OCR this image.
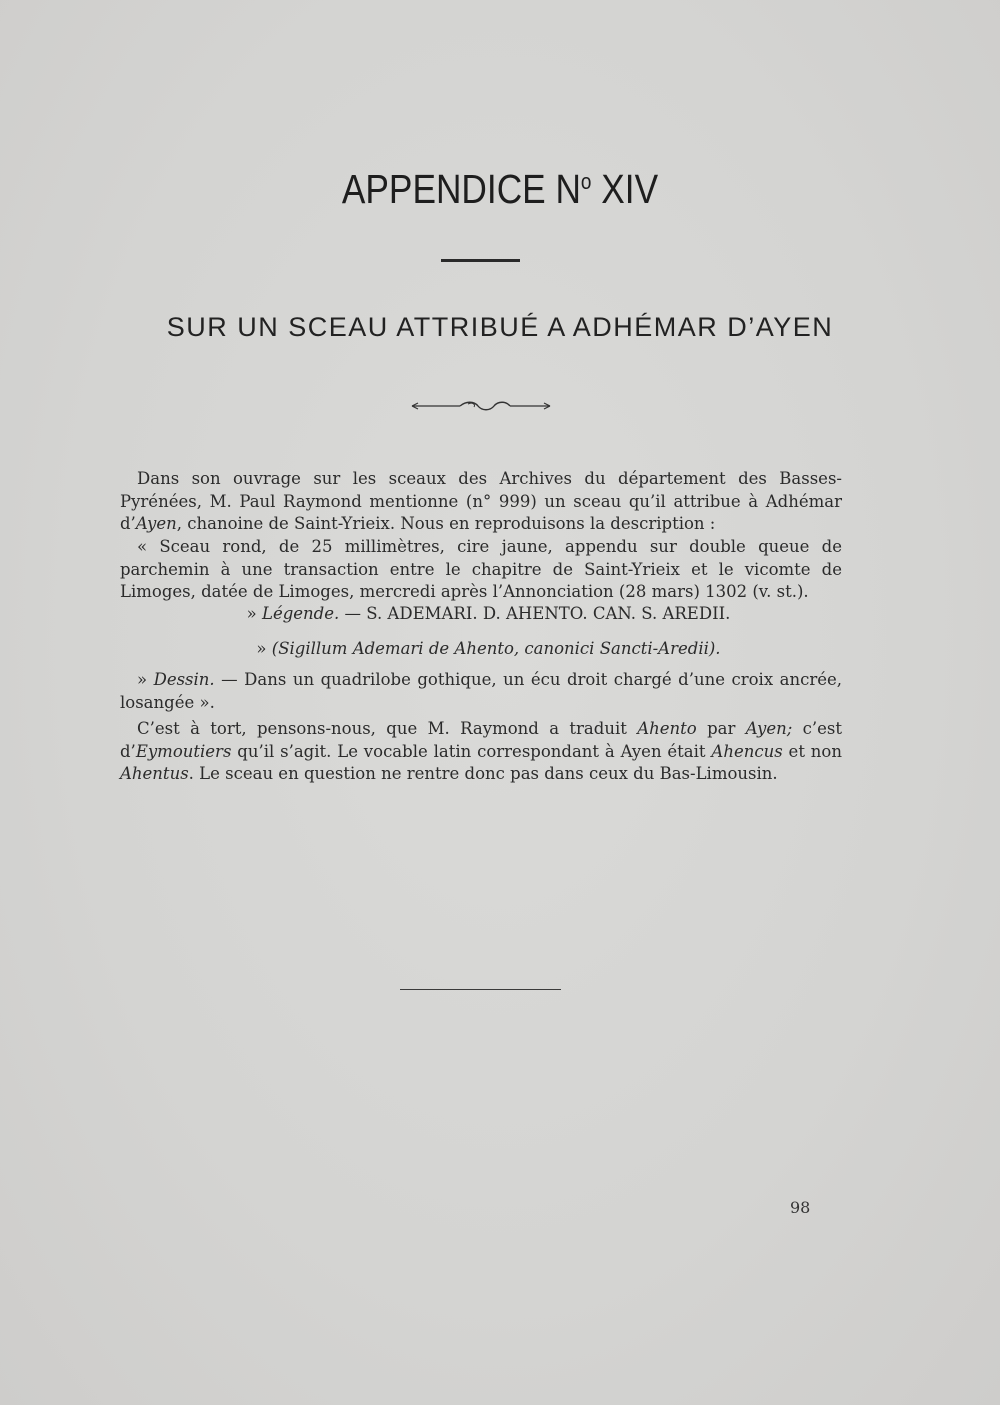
APPENDICE $N^o$ XIV
SUR UN SCEAU ATTRIBUÉ A ADHÉMAR D’AYEN
Dans son ouvrage sur les sceaux des Archives du département des Basses-Pyrénées, M. Paul Raymond mentionne (n° 999) un sceau qu’il attribue à Adhémar d’Ayen, chanoine de Saint-Yrieix. Nous en reproduisons la description :
« Sceau rond, de 25 millimètres, cire jaune, appendu sur double queue de parchemin à une transaction entre le chapitre de Saint-Yrieix et le vicomte de Limoges, datée de Limoges, mercredi après l’Annonciation (28 mars) 1302 (v. st.).
» Légende. — S. ADEMARI. D. AHENTO. CAN. S. AREDII.
» (Sigillum Ademari de Ahento, canonici Sancti-Aredii).
» Dessin. — Dans un quadrilobe gothique, un écu droit chargé d’une croix ancrée, losangée ».
C’est à tort, pensons-nous, que M. Raymond a traduit Ahento par Ayen; c’est d’Eymoutiers qu’il s’agit. Le vocable latin correspondant à Ayen était Ahencus et non Ahentus. Le sceau en question ne rentre donc pas dans ceux du Bas-Limousin.
98
